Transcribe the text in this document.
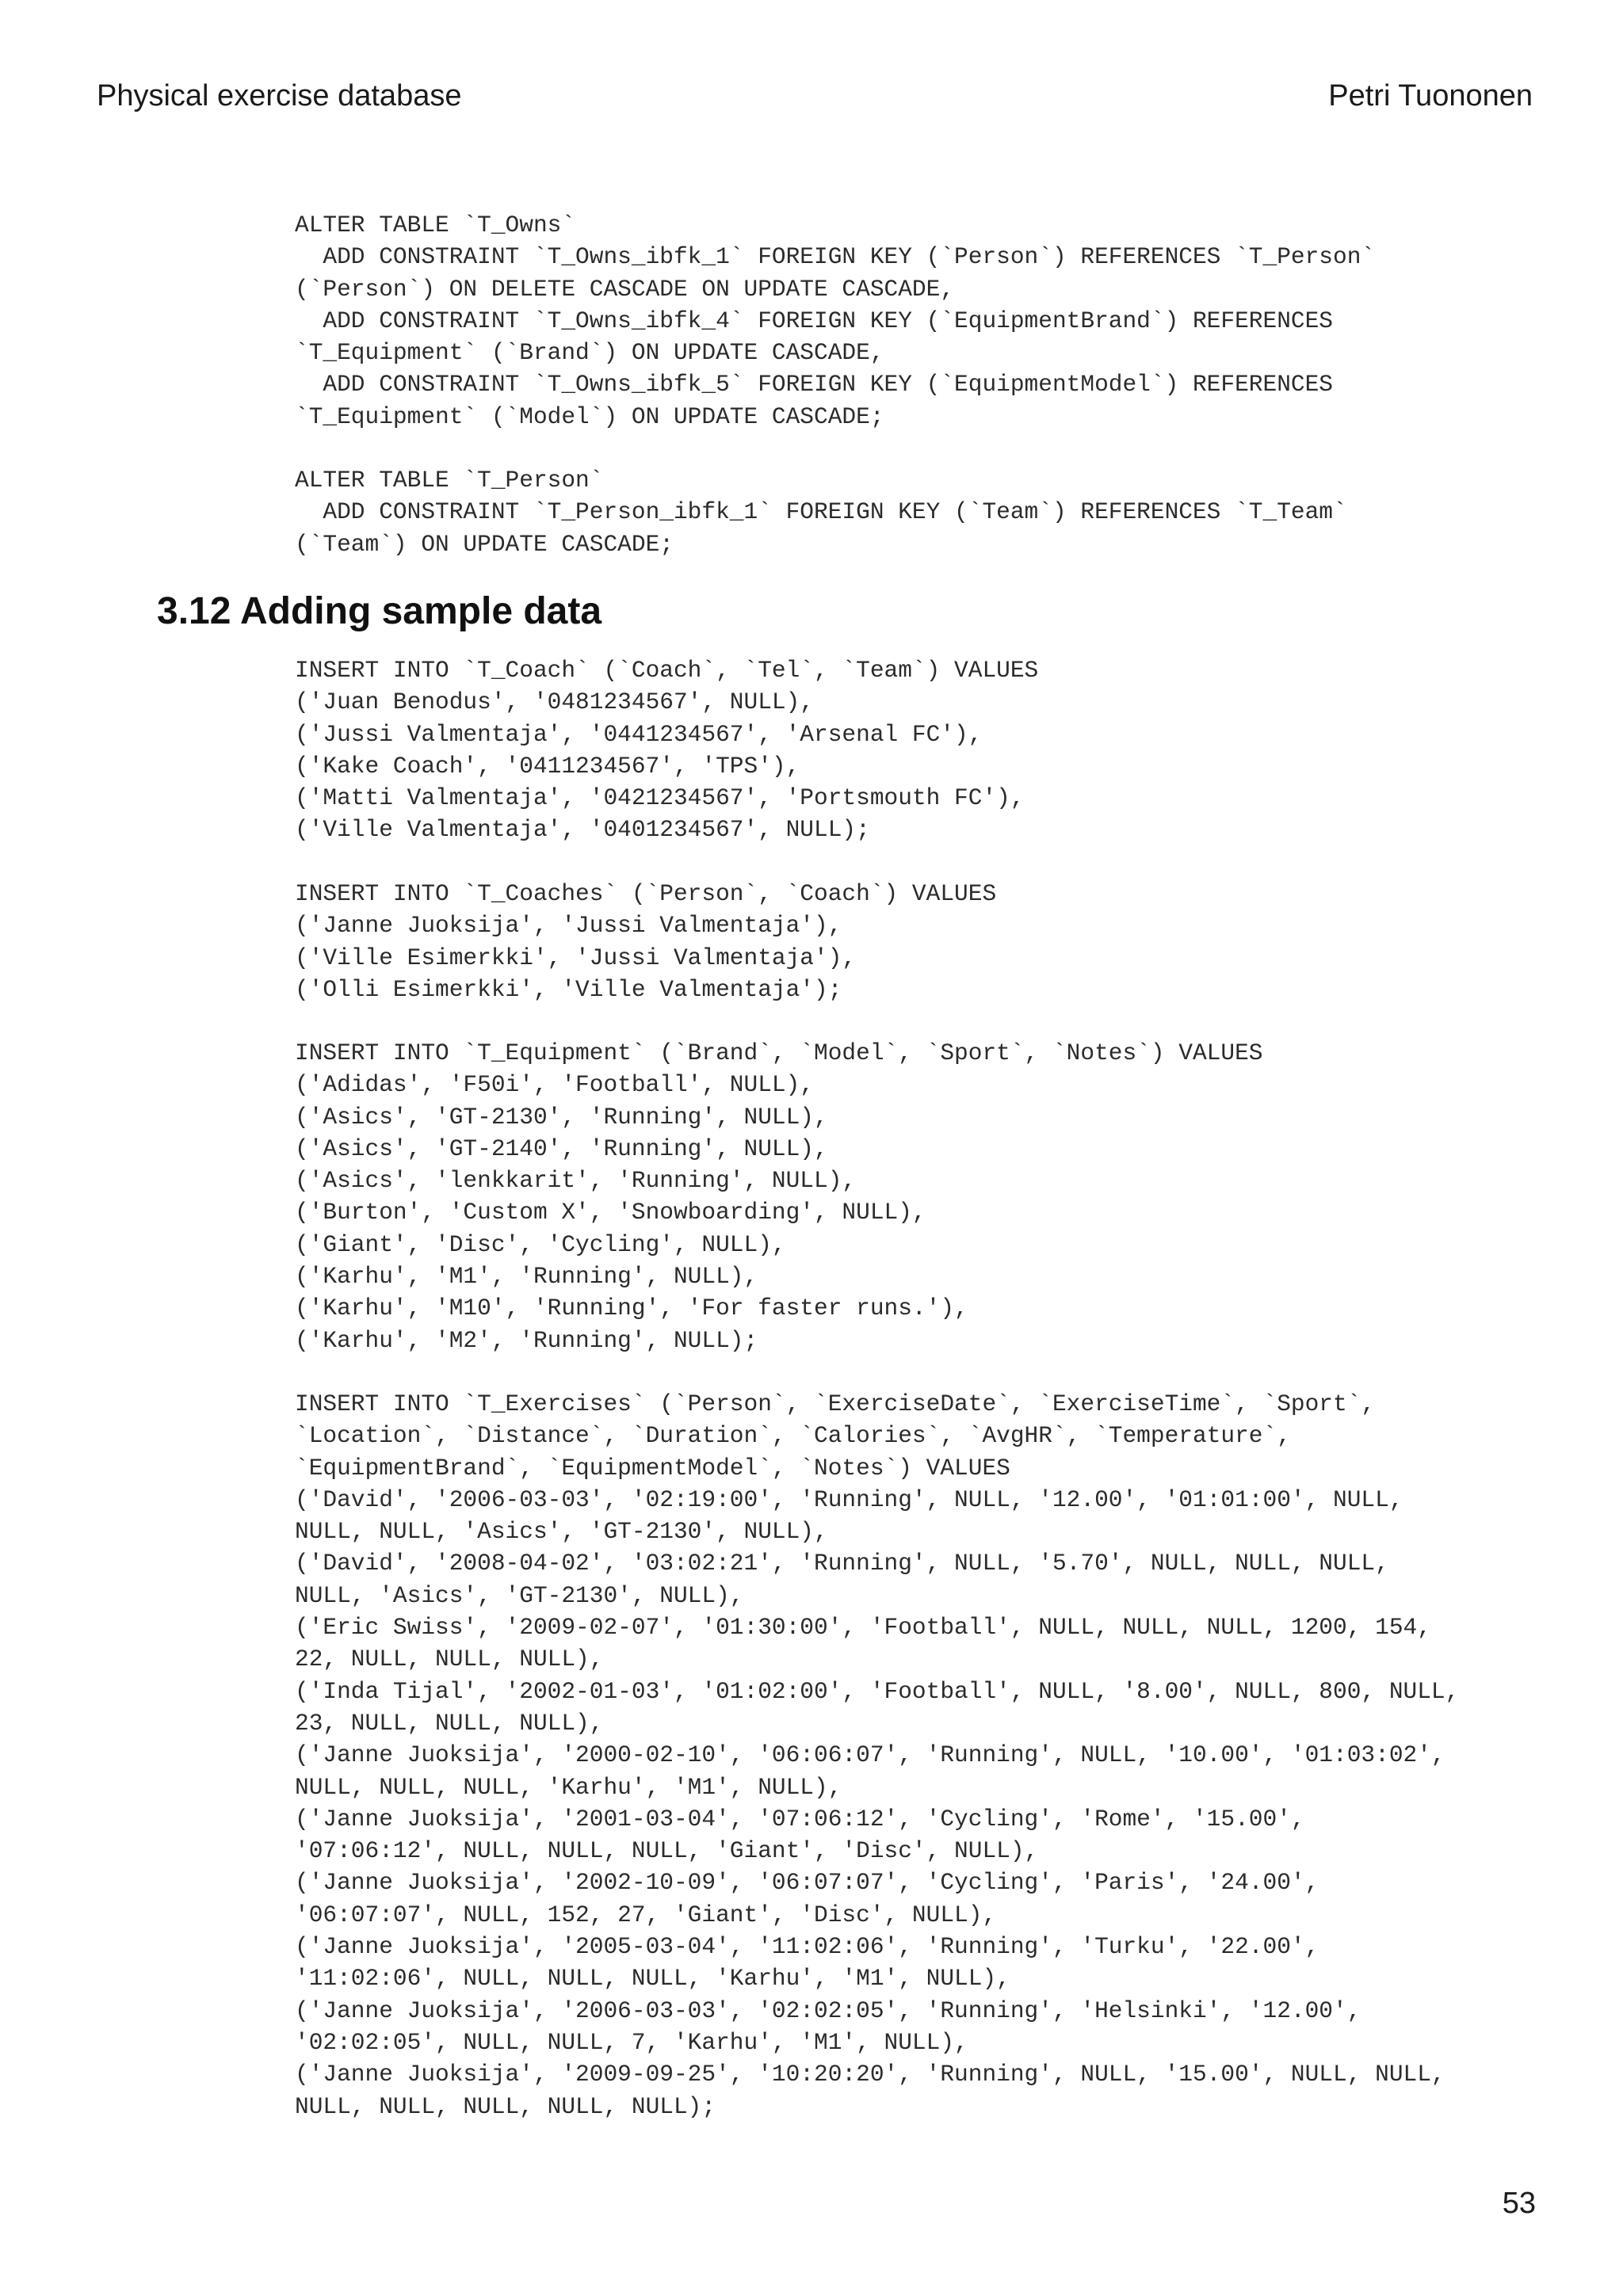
Physical exercise database	Petri Tuononen
ALTER TABLE `T_Owns`
ADD CONSTRAINT `T_Owns_ibfk_1` FOREIGN KEY (`Person`) REFERENCES `T_Person`
(`Person`) ON DELETE CASCADE ON UPDATE CASCADE,
ADD CONSTRAINT `T_Owns_ibfk_4` FOREIGN KEY (`EquipmentBrand`) REFERENCES
`T_Equipment` (`Brand`) ON UPDATE CASCADE,
ADD CONSTRAINT `T_Owns_ibfk_5` FOREIGN KEY (`EquipmentModel`) REFERENCES
`T_Equipment` (`Model`) ON UPDATE CASCADE;
ALTER TABLE `T_Person`
ADD CONSTRAINT `T_Person_ibfk_1` FOREIGN KEY (`Team`) REFERENCES `T_Team`
(`Team`) ON UPDATE CASCADE;
3.12 Adding sample data
INSERT INTO `T_Coach` (`Coach`, `Tel`, `Team`) VALUES
('Juan Benodus', '0481234567', NULL),
('Jussi Valmentaja', '0441234567', 'Arsenal FC'),
('Kake Coach', '0411234567', 'TPS'),
('Matti Valmentaja', '0421234567', 'Portsmouth FC'),
('Ville Valmentaja', '0401234567', NULL);
INSERT INTO `T_Coaches` (`Person`, `Coach`) VALUES
('Janne Juoksija', 'Jussi Valmentaja'),
('Ville Esimerkki', 'Jussi Valmentaja'),
('Olli Esimerkki', 'Ville Valmentaja');
INSERT INTO `T_Equipment` (`Brand`, `Model`, `Sport`, `Notes`) VALUES
('Adidas', 'F50i', 'Football', NULL),
('Asics', 'GT-2130', 'Running', NULL),
('Asics', 'GT-2140', 'Running', NULL),
('Asics', 'lenkkarit', 'Running', NULL),
('Burton', 'Custom X', 'Snowboarding', NULL),
('Giant', 'Disc', 'Cycling', NULL),
('Karhu', 'M1', 'Running', NULL),
('Karhu', 'M10', 'Running', 'For faster runs.'),
('Karhu', 'M2', 'Running', NULL);
INSERT INTO `T_Exercises` (`Person`, `ExerciseDate`, `ExerciseTime`, `Sport`,
`Location`, `Distance`, `Duration`, `Calories`, `AvgHR`, `Temperature`,
`EquipmentBrand`, `EquipmentModel`, `Notes`) VALUES
('David', '2006-03-03', '02:19:00', 'Running', NULL, '12.00', '01:01:00', NULL,
NULL, NULL, 'Asics', 'GT-2130', NULL),
('David', '2008-04-02', '03:02:21', 'Running', NULL, '5.70', NULL, NULL, NULL,
NULL, 'Asics', 'GT-2130', NULL),
('Eric Swiss', '2009-02-07', '01:30:00', 'Football', NULL, NULL, NULL, 1200, 154,
22, NULL, NULL, NULL),
('Inda Tijal', '2002-01-03', '01:02:00', 'Football', NULL, '8.00', NULL, 800, NULL,
23, NULL, NULL, NULL),
('Janne Juoksija', '2000-02-10', '06:06:07', 'Running', NULL, '10.00', '01:03:02',
NULL, NULL, NULL, 'Karhu', 'M1', NULL),
('Janne Juoksija', '2001-03-04', '07:06:12', 'Cycling', 'Rome', '15.00',
'07:06:12', NULL, NULL, NULL, 'Giant', 'Disc', NULL),
('Janne Juoksija', '2002-10-09', '06:07:07', 'Cycling', 'Paris', '24.00',
'06:07:07', NULL, 152, 27, 'Giant', 'Disc', NULL),
('Janne Juoksija', '2005-03-04', '11:02:06', 'Running', 'Turku', '22.00',
'11:02:06', NULL, NULL, NULL, 'Karhu', 'M1', NULL),
('Janne Juoksija', '2006-03-03', '02:02:05', 'Running', 'Helsinki', '12.00',
'02:02:05', NULL, NULL, 7, 'Karhu', 'M1', NULL),
('Janne Juoksija', '2009-09-25', '10:20:20', 'Running', NULL, '15.00', NULL, NULL,
NULL, NULL, NULL, NULL, NULL);
53
